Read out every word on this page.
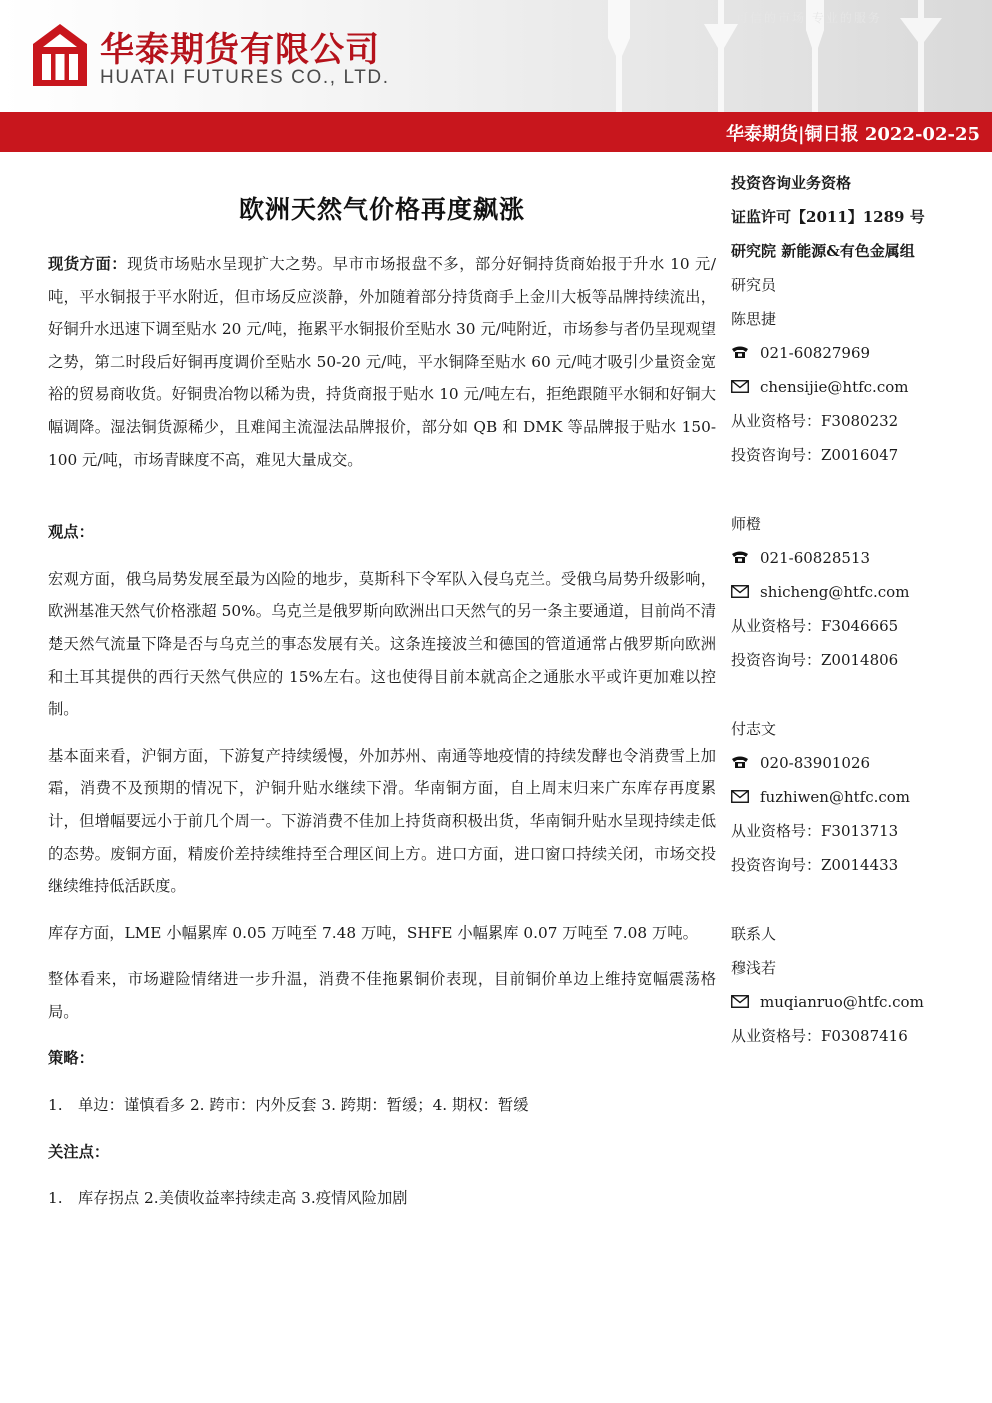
华泰期货有限公司
HUATAI FUTURES CO., LTD.
可信的市场 专业的服务
华泰期货|铜日报 2022-02-25
欧洲天然气价格再度飙涨

现货方面：现货市场贴水呈现扩大之势。早市市场报盘不多，部分好铜持货商始报于升水 10 元/吨，平水铜报于平水附近，但市场反应淡静，外加随着部分持货商手上金川大板等品牌持续流出，好铜升水迅速下调至贴水 20 元/吨，拖累平水铜报价至贴水 30 元/吨附近，市场参与者仍呈现观望之势，第二时段后好铜再度调价至贴水 50-20 元/吨，平水铜降至贴水 60 元/吨才吸引少量资金宽裕的贸易商收货。好铜贵冶物以稀为贵，持货商报于贴水 10 元/吨左右，拒绝跟随平水铜和好铜大幅调降。湿法铜货源稀少，且难闻主流湿法品牌报价，部分如 QB 和 DMK 等品牌报于贴水 150-100 元/吨，市场青睐度不高，难见大量成交。

观点：

宏观方面，俄乌局势发展至最为凶险的地步，莫斯科下令军队入侵乌克兰。受俄乌局势升级影响，欧洲基准天然气价格涨超 50%。乌克兰是俄罗斯向欧洲出口天然气的另一条主要通道，目前尚不清楚天然气流量下降是否与乌克兰的事态发展有关。这条连接波兰和德国的管道通常占俄罗斯向欧洲和土耳其提供的西行天然气供应的 15%左右。这也使得目前本就高企之通胀水平或许更加难以控制。

基本面来看，沪铜方面，下游复产持续缓慢，外加苏州、南通等地疫情的持续发酵也令消费雪上加霜，消费不及预期的情况下，沪铜升贴水继续下滑。华南铜方面，自上周末归来广东库存再度累计，但增幅要远小于前几个周一。下游消费不佳加上持货商积极出货，华南铜升贴水呈现持续走低的态势。废铜方面，精废价差持续维持至合理区间上方。进口方面，进口窗口持续关闭，市场交投继续维持低活跃度。

库存方面，LME 小幅累库 0.05 万吨至 7.48 万吨，SHFE 小幅累库 0.07 万吨至 7.08 万吨。

整体看来，市场避险情绪进一步升温，消费不佳拖累铜价表现，目前铜价单边上维持宽幅震荡格局。

策略：

1.	单边：谨慎看多 2. 跨市：内外反套 3. 跨期：暂缓；4. 期权：暂缓

关注点：

1.	库存拐点 2.美债收益率持续走高 3.疫情风险加剧
投资咨询业务资格
证监许可【2011】1289 号
研究院 新能源&有色金属组
研究员
陈思捷
021-60827969
chensijie@htfc.com
从业资格号：F3080232
投资咨询号：Z0016047
师橙
021-60828513
shicheng@htfc.com
从业资格号：F3046665
投资咨询号：Z0014806
付志文
020-83901026
fuzhiwen@htfc.com
从业资格号：F3013713
投资咨询号：Z0014433
联系人
穆浅若
muqianruo@htfc.com
从业资格号：F03087416
